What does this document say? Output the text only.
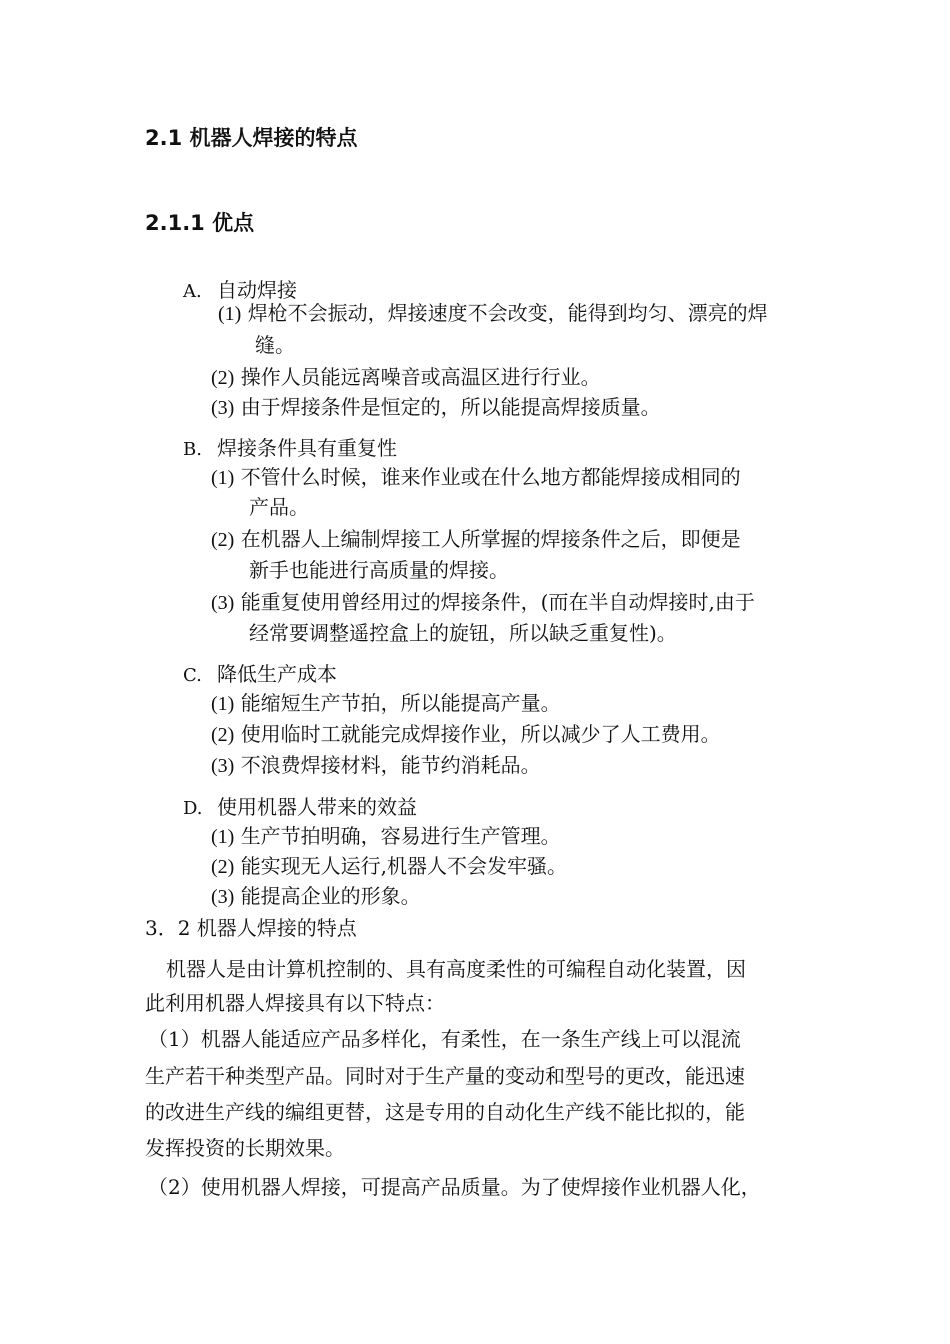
2.1 机器人焊接的特点
2.1.1 优点
A. 自动焊接
(1) 焊枪不会振动，焊接速度不会改变，能得到均匀、漂亮的焊
缝。
(2) 操作人员能远离噪音或高温区进行行业。
(3) 由于焊接条件是恒定的，所以能提高焊接质量。
B. 焊接条件具有重复性
(1) 不管什么时候，谁来作业或在什么地方都能焊接成相同的
产品。
(2) 在机器人上编制焊接工人所掌握的焊接条件之后，即便是
新手也能进行高质量的焊接。
(3) 能重复使用曾经用过的焊接条件，(而在半自动焊接时,由于
经常要调整遥控盒上的旋钮，所以缺乏重复性)。
C. 降低生产成本
(1) 能缩短生产节拍，所以能提高产量。
(2) 使用临时工就能完成焊接作业，所以减少了人工费用。
(3) 不浪费焊接材料，能节约消耗品。
D. 使用机器人带来的效益
(1) 生产节拍明确，容易进行生产管理。
(2) 能实现无人运行,机器人不会发牢骚。
(3) 能提高企业的形象。
3．2 机器人焊接的特点
机器人是由计算机控制的、具有高度柔性的可编程自动化装置，因
此利用机器人焊接具有以下特点：
（1）机器人能适应产品多样化，有柔性，在一条生产线上可以混流
生产若干种类型产品。同时对于生产量的变动和型号的更改，能迅速
的改进生产线的编组更替，这是专用的自动化生产线不能比拟的，能
发挥投资的长期效果。
（2）使用机器人焊接，可提高产品质量。为了使焊接作业机器人化，
